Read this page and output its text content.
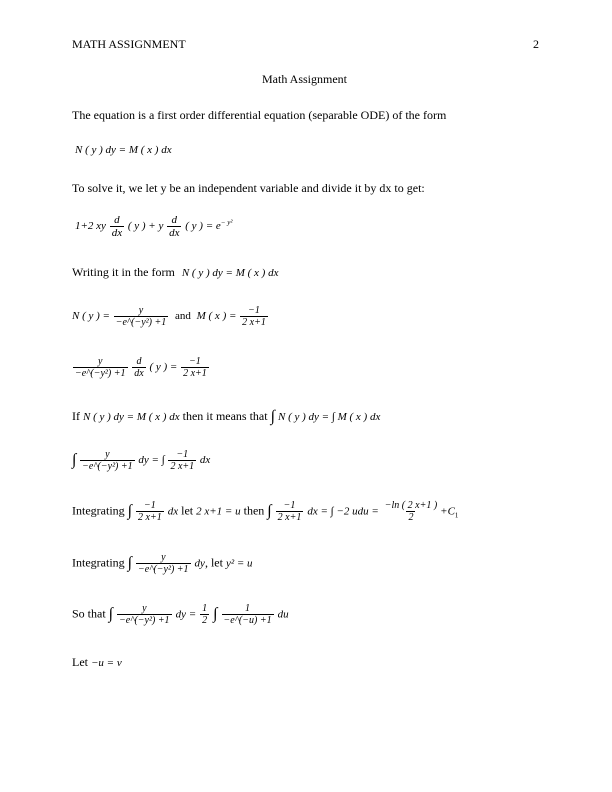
MATH ASSIGNMENT	2
Math Assignment
The equation is a first order differential equation (separable ODE) of the form
N ( y ) dy = M ( x ) dx
To solve it, we let y be an independent variable and divide it by dx to get:
1+2 xy $\frac{d}{dx}$ ( y ) + y $\frac{d}{dx}$ ( y ) = $e^{- y^2}$
Writing it in the form N ( y ) dy = M ( x ) dx
N ( y ) = $\frac{y}{\text{−e\textasciicircum{}(−y²) +1}}$ and M ( x ) = $\frac{-1}{2 x+1}$
$\frac{y}{\text{−e\textasciicircum{}(−y²) +1}}$
$\frac{d}{dx}$ ( y ) = $\frac{-1}{2 x+1}$
If N ( y ) dy = M ( x ) dx then it means that ∫ N ( y ) dy = ∫ M ( x ) dx
∫ $\frac{y}{\text{−e\textasciicircum{}(−y²) +1}}$ dy = ∫ $\frac{-1}{2 x+1}$ dx
Integrating ∫ $\frac{-1}{2 x+1}$ dx let 2 x+1 = u then ∫ $\frac{-1}{2 x+1}$ dx = ∫ −2 udu = $\frac{-\ln ( 2 x+1 )}{2} +C_1$
Integrating ∫ $\frac{y}{\text{−e\textasciicircum{}(−y²) +1}}$ dy, let y² = u
So that ∫ $\frac{y}{\text{−e\textasciicircum{}(−y²) +1}}$ dy = $\frac{1}{2}$ ∫ $\frac{1}{-e\^{}(-u) +1}$ du
Let −u = v
